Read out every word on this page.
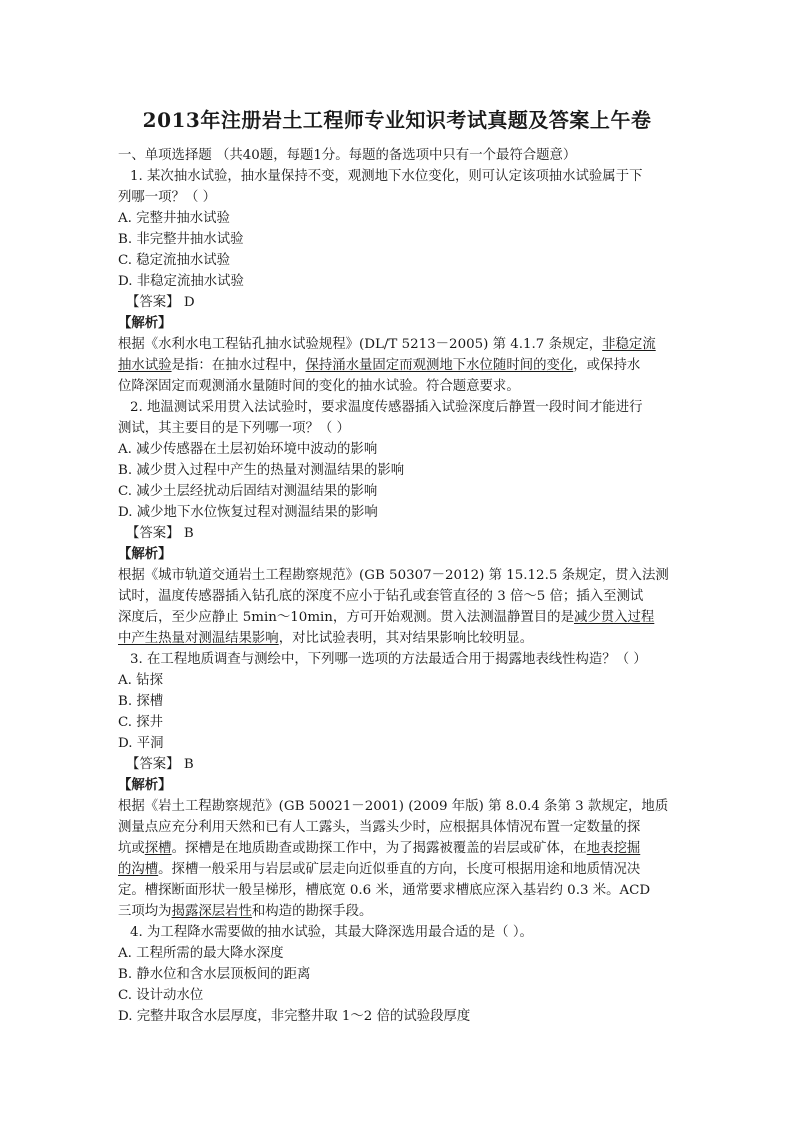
2013年注册岩土工程师专业知识考试真题及答案上午卷
一、单项选择题 （共40题，每题1分。每题的备选项中只有一个最符合题意）
1. 某次抽水试验，抽水量保持不变，观测地下水位变化，则可认定该项抽水试验属于下
列哪一项？（ ）
A. 完整井抽水试验
B. 非完整井抽水试验
C. 稳定流抽水试验
D. 非稳定流抽水试验
【答案】 D
【解析】
根据《水利水电工程钻孔抽水试验规程》(DL/T 5213－2005) 第 4.1.7 条规定，非稳定流
抽水试验是指：在抽水过程中，保持涌水量固定而观测地下水位随时间的变化，或保持水
位降深固定而观测涌水量随时间的变化的抽水试验。符合题意要求。
2. 地温测试采用贯入法试验时，要求温度传感器插入试验深度后静置一段时间才能进行
测试，其主要目的是下列哪一项？（ ）
A. 减少传感器在土层初始环境中波动的影响
B. 减少贯入过程中产生的热量对测温结果的影响
C. 减少土层经扰动后固结对测温结果的影响
D. 减少地下水位恢复过程对测温结果的影响
【答案】 B
【解析】
根据《城市轨道交通岩土工程勘察规范》(GB 50307－2012) 第 15.12.5 条规定，贯入法测
试时，温度传感器插入钻孔底的深度不应小于钻孔或套管直径的 3 倍～5 倍；插入至测试
深度后，至少应静止 5min～10min，方可开始观测。贯入法测温静置目的是减少贯入过程
中产生热量对测温结果影响，对比试验表明，其对结果影响比较明显。
3. 在工程地质调查与测绘中，下列哪一选项的方法最适合用于揭露地表线性构造？（ ）
A. 钻探
B. 探槽
C. 探井
D. 平洞
【答案】 B
【解析】
根据《岩土工程勘察规范》(GB 50021－2001) (2009 年版) 第 8.0.4 条第 3 款规定，地质
测量点应充分利用天然和已有人工露头，当露头少时，应根据具体情况布置一定数量的探
坑或探槽。探槽是在地质勘查或勘探工作中，为了揭露被覆盖的岩层或矿体，在地表挖掘
的沟槽。探槽一般采用与岩层或矿层走向近似垂直的方向，长度可根据用途和地质情况决
定。槽探断面形状一般呈梯形，槽底宽 0.6 米，通常要求槽底应深入基岩约 0.3 米。ACD
三项均为揭露深层岩性和构造的勘探手段。
4. 为工程降水需要做的抽水试验，其最大降深选用最合适的是（ ）。
A. 工程所需的最大降水深度
B. 静水位和含水层顶板间的距离
C. 设计动水位
D. 完整井取含水层厚度，非完整井取 1～2 倍的试验段厚度
